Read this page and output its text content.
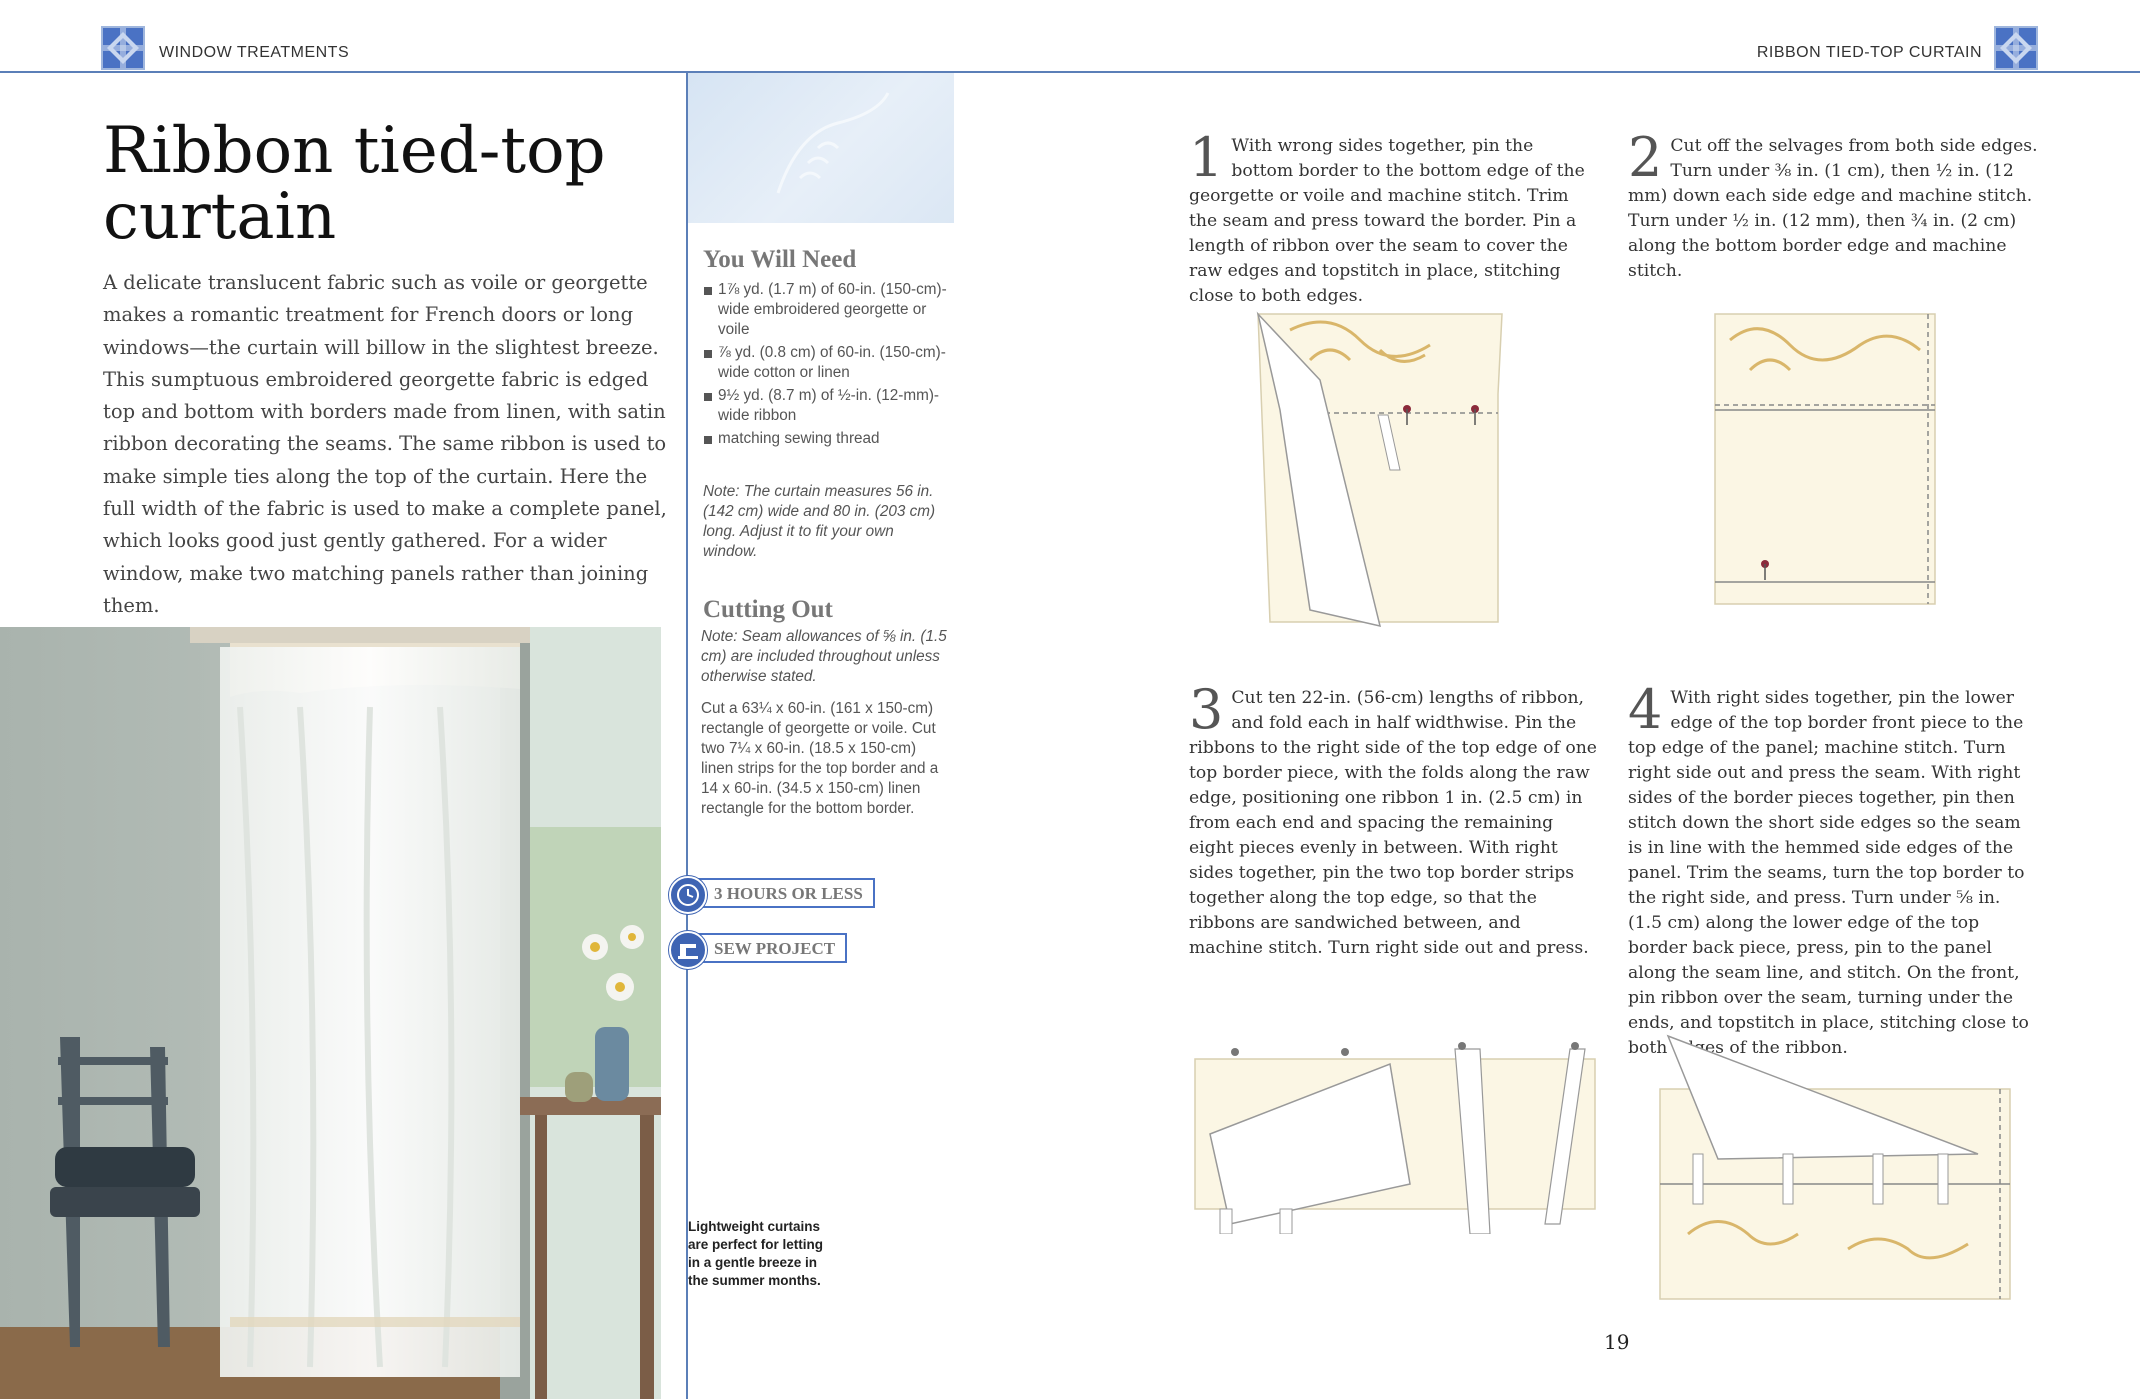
WINDOW TREATMENTS	RIBBON TIED-TOP CURTAIN
Ribbon tied-top curtain

A delicate translucent fabric such as voile or georgette makes a romantic treatment for French doors or long windows—the curtain will billow in the slightest breeze. This sumptuous embroidered georgette fabric is edged top and bottom with borders made from linen, with satin ribbon decorating the seams. The same ribbon is used to make simple ties along the top of the curtain. Here the full width of the fabric is used to make a complete panel, which looks good just gently gathered. For a wider window, make two matching panels rather than joining them.

You Will Need
1⅞ yd. (1.7 m) of 60-in. (150-cm)-wide embroidered georgette or voile
⅞ yd. (0.8 cm) of 60-in. (150-cm)-wide cotton or linen
9½ yd. (8.7 m) of ½-in. (12-mm)-wide ribbon
matching sewing thread

Note: The curtain measures 56 in. (142 cm) wide and 80 in. (203 cm) long. Adjust it to fit your own window.

Cutting Out

Note: Seam allowances of ⅝ in. (1.5 cm) are included throughout unless otherwise stated.

Cut a 63¼ x 60-in. (161 x 150-cm) rectangle of georgette or voile. Cut two 7¼ x 60-in. (18.5 x 150-cm) linen strips for the top border and a 14 x 60-in. (34.5 x 150-cm) linen rectangle for the bottom border.

3 HOURS OR LESS
SEW PROJECT

Lightweight curtains are perfect for letting in a gentle breeze in the summer months.

1 With wrong sides together, pin the bottom border to the bottom edge of the georgette or voile and machine stitch. Trim the seam and press toward the border. Pin a length of ribbon over the seam to cover the raw edges and topstitch in place, stitching close to both edges.
2 Cut off the selvages from both side edges. Turn under ⅜ in. (1 cm), then ½ in. (12 mm) down each side edge and machine stitch. Turn under ½ in. (12 mm), then ¾ in. (2 cm) along the bottom border edge and machine stitch.
3 Cut ten 22-in. (56-cm) lengths of ribbon, and fold each in half widthwise. Pin the ribbons to the right side of the top edge of one top border piece, with the folds along the raw edge, positioning one ribbon 1 in. (2.5 cm) in from each end and spacing the remaining eight pieces evenly in between. With right sides together, pin the two top border strips together along the top edge, so that the ribbons are sandwiched between, and machine stitch. Turn right side out and press.
4 With right sides together, pin the lower edge of the top border front piece to the top edge of the panel; machine stitch. Turn right side out and press the seam. With right sides of the border pieces together, pin then stitch down the short side edges so the seam is in line with the hemmed side edges of the panel. Trim the seams, turn the top border to the right side, and press. Turn under ⅝ in. (1.5 cm) along the lower edge of the top border back piece, press, pin to the panel along the seam line, and stitch. On the front, pin ribbon over the seam, turning under the ends, and topstitch in place, stitching close to both edges of the ribbon.
19
